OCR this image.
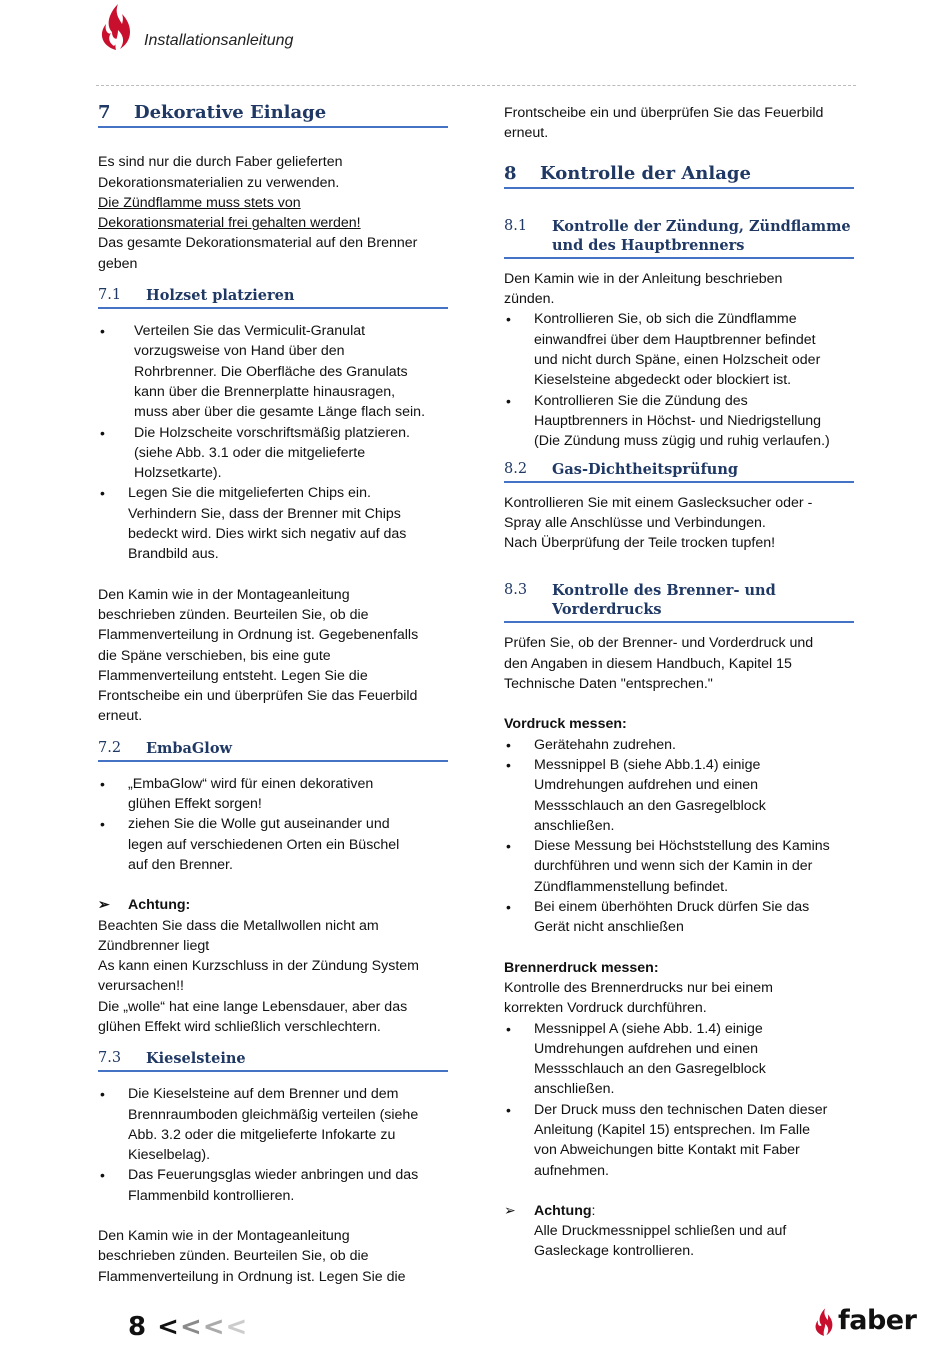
Installationsanleitung
7	Dekorative Einlage

Es sind nur die durch Faber gelieferten
Dekorationsmaterialien zu verwenden.
Die Zündflamme muss stets von
Dekorationsmaterial frei gehalten werden!
Das gesamte Dekorationsmaterial auf den Brenner
geben

7.1	Holzset platzieren
• Verteilen Sie das Vermiculit-Granulat
vorzugsweise von Hand über den
Rohrbrenner. Die Oberfläche des Granulats
kann über die Brennerplatte hinausragen,
muss aber über die gesamte Länge flach sein.
• Die Holzscheite vorschriftsmäßig platzieren.
(siehe Abb. 3.1 oder die mitgelieferte
Holzsetkarte).
• Legen Sie die mitgelieferten Chips ein.
Verhindern Sie, dass der Brenner mit Chips
bedeckt wird. Dies wirkt sich negativ auf das
Brandbild aus.

Den Kamin wie in der Montageanleitung
beschrieben zünden. Beurteilen Sie, ob die
Flammenverteilung in Ordnung ist. Gegebenenfalls
die Späne verschieben, bis eine gute
Flammenverteilung entsteht. Legen Sie die
Frontscheibe ein und überprüfen Sie das Feuerbild
erneut.

7.2	EmbaGlow
• „EmbaGlow“ wird für einen dekorativen
glühen Effekt sorgen!
• ziehen Sie die Wolle gut auseinander und
legen auf verschiedenen Orten ein Büschel
auf den Brenner.
➢ Achtung:

Beachten Sie dass die Metallwollen nicht am
Zündbrenner liegt
As kann einen Kurzschluss in der Zündung System
verursachen!!
Die „wolle“ hat eine lange Lebensdauer, aber das
glühen Effekt wird schließlich verschlechtern.

7.3	Kieselsteine
• Die Kieselsteine auf dem Brenner und dem
Brennraumboden gleichmäßig verteilen (siehe
Abb. 3.2 oder die mitgelieferte Infokarte zu
Kieselbelag).
• Das Feuerungsglas wieder anbringen und das
Flammenbild kontrollieren.

Den Kamin wie in der Montageanleitung
beschrieben zünden. Beurteilen Sie, ob die
Flammenverteilung in Ordnung ist. Legen Sie die

Frontscheibe ein und überprüfen Sie das Feuerbild
erneut.

8	Kontrolle der Anlage
8.1	Kontrolle der Zündung, Zündflamme
und des Hauptbrenners

Den Kamin wie in der Anleitung beschrieben
zünden.

• Kontrollieren Sie, ob sich die Zündflamme
einwandfrei über dem Hauptbrenner befindet
und nicht durch Späne, einen Holzscheit oder
Kieselsteine abgedeckt oder blockiert ist.
• Kontrollieren Sie die Zündung des
Hauptbrenners in Höchst- und Niedrigstellung
(Die Zündung muss zügig und ruhig verlaufen.)
8.2	Gas-Dichtheitsprüfung

Kontrollieren Sie mit einem Gaslecksucher oder -
Spray alle Anschlüsse und Verbindungen.
Nach Überprüfung der Teile trocken tupfen!

8.3	Kontrolle des Brenner- und
Vorderdrucks

Prüfen Sie, ob der Brenner- und Vorderdruck und
den Angaben in diesem Handbuch, Kapitel 15
Technische Daten "entsprechen."

Vordruck messen:

• Gerätehahn zudrehen.
• Messnippel B (siehe Abb.1.4) einige
Umdrehungen aufdrehen und einen
Messschlauch an den Gasregelblock
anschließen.
• Diese Messung bei Höchststellung des Kamins
durchführen und wenn sich der Kamin in der
Zündflammenstellung befindet.
• Bei einem überhöhten Druck dürfen Sie das
Gerät nicht anschließen

Brennerdruck messen:

Kontrolle des Brennerdrucks nur bei einem
korrekten Vordruck durchführen.

• Messnippel A (siehe Abb. 1.4) einige
Umdrehungen aufdrehen und einen
Messschlauch an den Gasregelblock
anschließen.
• Der Druck muss den technischen Daten dieser
Anleitung (Kapitel 15) entsprechen. Im Falle
von Abweichungen bitte Kontakt mit Faber
aufnehmen.
➢ Achtung:

Alle Druckmessnippel schließen und auf
Gasleckage kontrollieren.

8 <<<<	faber
